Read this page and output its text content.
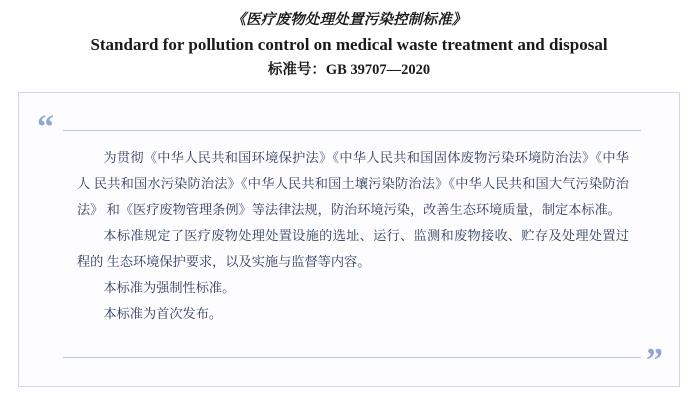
《医疗废物处理处置污染控制标准》
Standard for pollution control on medical waste treatment and disposal
标准号：GB 39707—2020
“

为贯彻《中华人民共和国环境保护法》《中华人民共和国固体废物污染环境防治法》《中华人 民共和国水污染防治法》《中华人民共和国土壤污染防治法》《中华人民共和国大气污染防治法》 和《医疗废物管理条例》等法律法规，防治环境污染，改善生态环境质量，制定本标准。

本标准规定了医疗废物处理处置设施的选址、运行、监测和废物接收、贮存及处理处置过程的 生态环境保护要求，以及实施与监督等内容。

本标准为强制性标准。

本标准为首次发布。

”
